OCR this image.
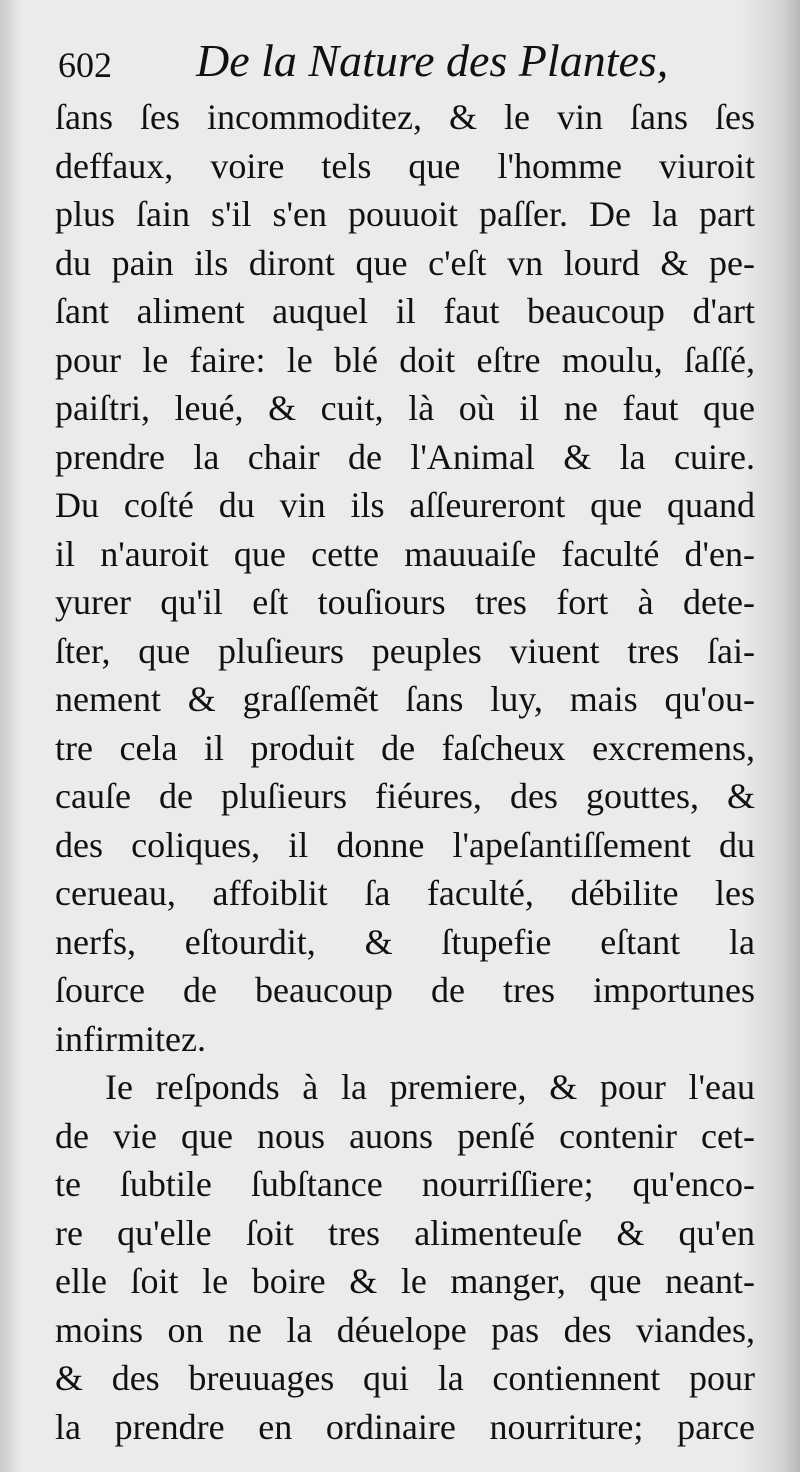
602 De la Nature des Plantes,
ſans ſes incommoditez, & le vin ſans ſes
deffaux, voire tels que l'homme viuroit
plus ſain s'il s'en pouuoit paſſer. De la part
du pain ils diront que c'eſt vn lourd & pe-
ſant aliment auquel il faut beaucoup d'art
pour le faire: le blé doit eſtre moulu, ſaſſé,
paiſtri, leué, & cuit, là où il ne faut que
prendre la chair de l'Animal & la cuire.
Du coſté du vin ils aſſeureront que quand
il n'auroit que cette mauuaiſe faculté d'en-
yurer qu'il eſt touſiours tres fort à dete-
ſter, que pluſieurs peuples viuent tres ſai-
nement & graſſemẽt ſans luy, mais qu'ou-
tre cela il produit de faſcheux excremens,
cauſe de pluſieurs fiéures, des gouttes, &
des coliques, il donne l'apeſantiſſement du
cerueau, affoiblit ſa faculté, débilite les
nerfs, eſtourdit, & ſtupefie eſtant la
ſource de beaucoup de tres importunes
infirmitez.
Ie reſponds à la premiere, & pour l'eau
de vie que nous auons penſé contenir cet-
te ſubtile ſubſtance nourriſſiere; qu'enco-
re qu'elle ſoit tres alimenteuſe & qu'en
elle ſoit le boire & le manger, que neant-
moins on ne la déuelope pas des viandes,
& des breuuages qui la contiennent pour
la prendre en ordinaire nourriture; parce
